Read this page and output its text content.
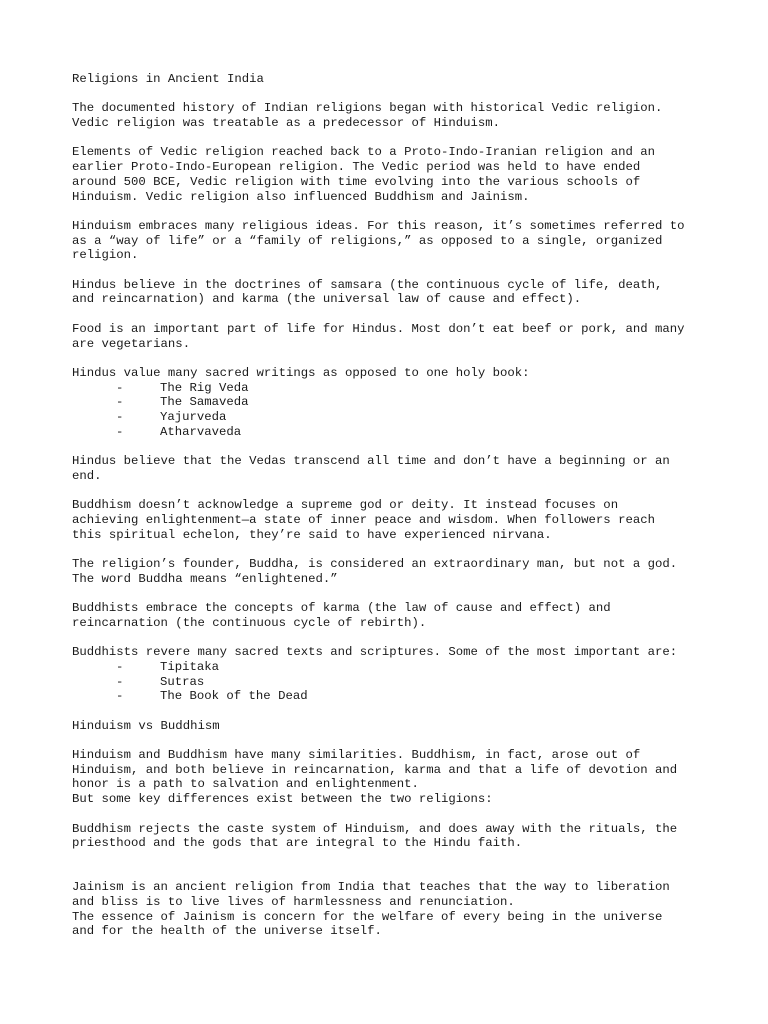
Religions in Ancient India

The documented history of Indian religions began with historical Vedic religion.
Vedic religion was treatable as a predecessor of Hinduism.

Elements of Vedic religion reached back to a Proto-Indo-Iranian religion and an
earlier Proto-Indo-European religion. The Vedic period was held to have ended
around 500 BCE, Vedic religion with time evolving into the various schools of
Hinduism. Vedic religion also influenced Buddhism and Jainism.

Hinduism embraces many religious ideas. For this reason, it’s sometimes referred to
as a “way of life” or a “family of religions,” as opposed to a single, organized
religion.

Hindus believe in the doctrines of samsara (the continuous cycle of life, death,
and reincarnation) and karma (the universal law of cause and effect).

Food is an important part of life for Hindus. Most don’t eat beef or pork, and many
are vegetarians.

Hindus value many sacred writings as opposed to one holy book:

-	The Rig Veda
-	The Samaveda
-	Yajurveda
-	Atharvaveda

Hindus believe that the Vedas transcend all time and don’t have a beginning or an
end.

Buddhism doesn’t acknowledge a supreme god or deity. It instead focuses on
achieving enlightenment—a state of inner peace and wisdom. When followers reach
this spiritual echelon, they’re said to have experienced nirvana.

The religion’s founder, Buddha, is considered an extraordinary man, but not a god.
The word Buddha means “enlightened.”

Buddhists embrace the concepts of karma (the law of cause and effect) and
reincarnation (the continuous cycle of rebirth).

Buddhists revere many sacred texts and scriptures. Some of the most important are:

-	Tipitaka
-	Sutras
-	The Book of the Dead

Hinduism vs Buddhism

Hinduism and Buddhism have many similarities. Buddhism, in fact, arose out of
Hinduism, and both believe in reincarnation, karma and that a life of devotion and
honor is a path to salvation and enlightenment.
But some key differences exist between the two religions:

Buddhism rejects the caste system of Hinduism, and does away with the rituals, the
priesthood and the gods that are integral to the Hindu faith.

Jainism is an ancient religion from India that teaches that the way to liberation
and bliss is to live lives of harmlessness and renunciation.
The essence of Jainism is concern for the welfare of every being in the universe
and for the health of the universe itself.
